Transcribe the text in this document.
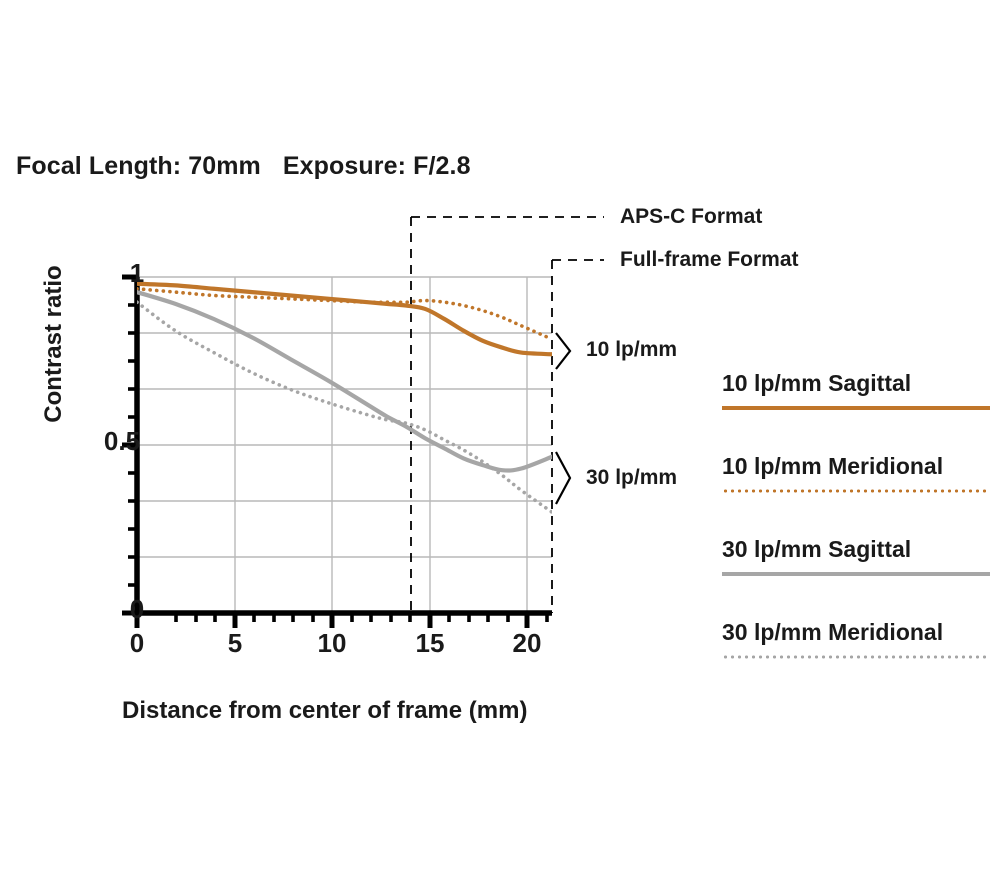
Focal Length: 70mm Exposure: F/2.8
Contrast ratio
Distance from center of frame (mm)
1
0.5
0
0	5	10	15	20
APS-C Format
Full-frame Format
10 lp/mm
30 lp/mm
10 lp/mm Sagittal
10 lp/mm Meridional
30 lp/mm Sagittal
30 lp/mm Meridional
